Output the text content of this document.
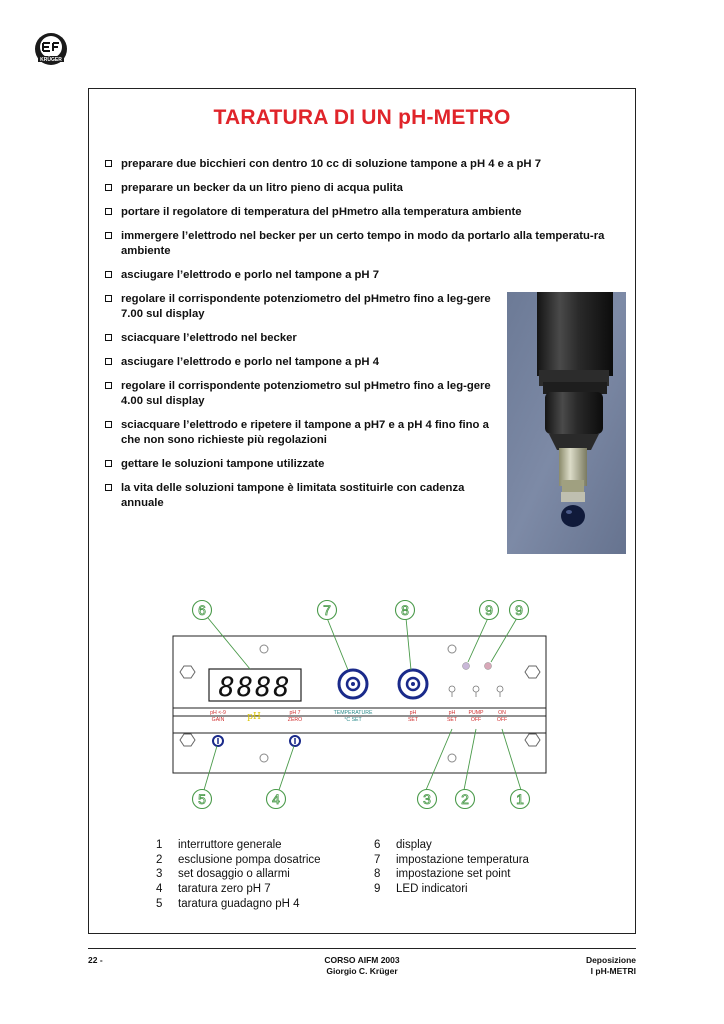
KRÜGER
TARATURA DI UN pH-METRO
preparare due bicchieri con dentro 10 cc di soluzione tampone a pH 4 e a pH 7
preparare un becker da un litro pieno di acqua pulita
portare il regolatore di temperatura del pHmetro alla temperatura ambiente
immergere l’elettrodo nel becker per un certo tempo in modo da portarlo alla temperatu-ra ambiente
asciugare l’elettrodo e porlo nel tampone a pH 7
regolare il corrispondente potenziometro del pHmetro fino a leg-gere 7.00 sul display
sciacquare l’elettrodo nel becker
asciugare l’elettrodo e porlo nel tampone a pH 4
regolare il corrispondente potenziometro sul pHmetro fino a leg-gere 4.00 sul display
sciacquare l’elettrodo e ripetere il tampone a pH7 e a pH 4 fino fino a che non sono richieste più regolazioni
gettare le soluzioni tampone utilizzate
la vita delle soluzioni tampone è limitata sostituirle con cadenza annuale
8888
pH
pH <-9
GAIN
pH 7
ZERO
TEMPERATURE
°C SET
pH
SET
pH
SET
PUMP
OFF
ON
OFF
6	7	8	9 9
5	4	3 2	1
1 interruttore generale
2 esclusione pompa dosatrice
3 set dosaggio o allarmi
4 taratura zero pH 7
5 taratura guadagno pH 4
6 display
7 impostazione temperatura
8 impostazione set point
9 LED indicatori
22 -	CORSO AIFM 2003
Giorgio C. Krüger
Deposizione
I pH-METRI
